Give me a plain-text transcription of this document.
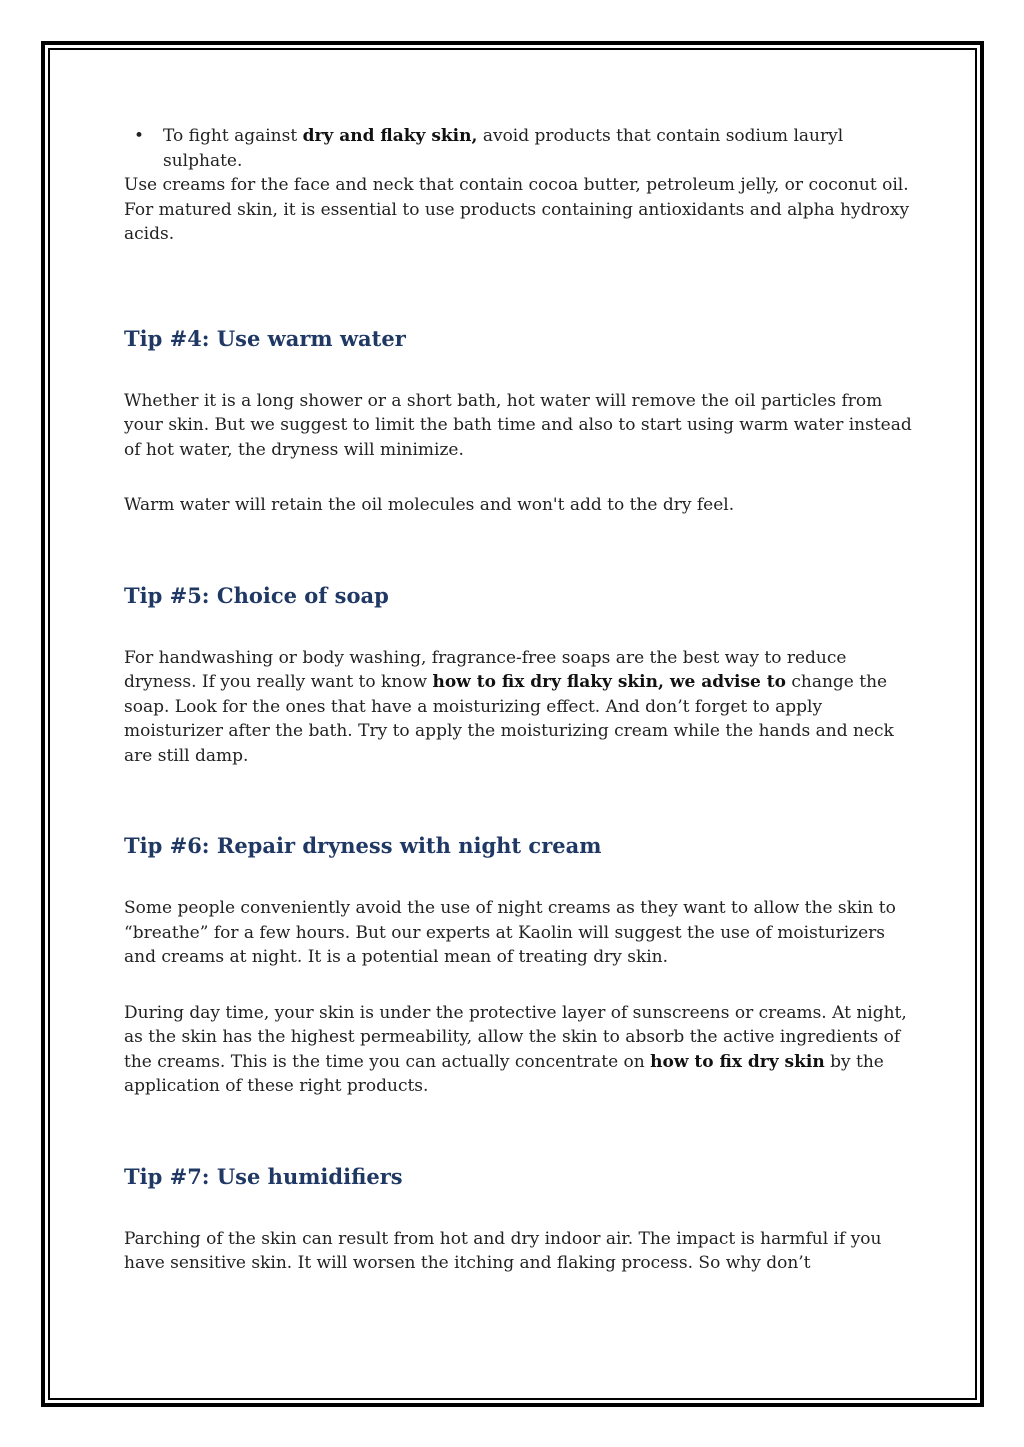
• To fight against dry and flaky skin, avoid products that contain sodium lauryl sulphate.

Use creams for the face and neck that contain cocoa butter, petroleum jelly, or coconut oil. For matured skin, it is essential to use products containing antioxidants and alpha hydroxy acids.

Tip #4: Use warm water

Whether it is a long shower or a short bath, hot water will remove the oil particles from your skin. But we suggest to limit the bath time and also to start using warm water instead of hot water, the dryness will minimize.

Warm water will retain the oil molecules and won't add to the dry feel.

Tip #5: Choice of soap

For handwashing or body washing, fragrance-free soaps are the best way to reduce dryness. If you really want to know how to fix dry flaky skin, we advise to change the soap. Look for the ones that have a moisturizing effect. And don’t forget to apply moisturizer after the bath. Try to apply the moisturizing cream while the hands and neck are still damp.

Tip #6: Repair dryness with night cream

Some people conveniently avoid the use of night creams as they want to allow the skin to “breathe” for a few hours. But our experts at Kaolin will suggest the use of moisturizers and creams at night. It is a potential mean of treating dry skin.

During day time, your skin is under the protective layer of sunscreens or creams. At night, as the skin has the highest permeability, allow the skin to absorb the active ingredients of the creams. This is the time you can actually concentrate on how to fix dry skin by the application of these right products.

Tip #7: Use humidifiers

Parching of the skin can result from hot and dry indoor air. The impact is harmful if you have sensitive skin. It will worsen the itching and flaking process. So why don’t
